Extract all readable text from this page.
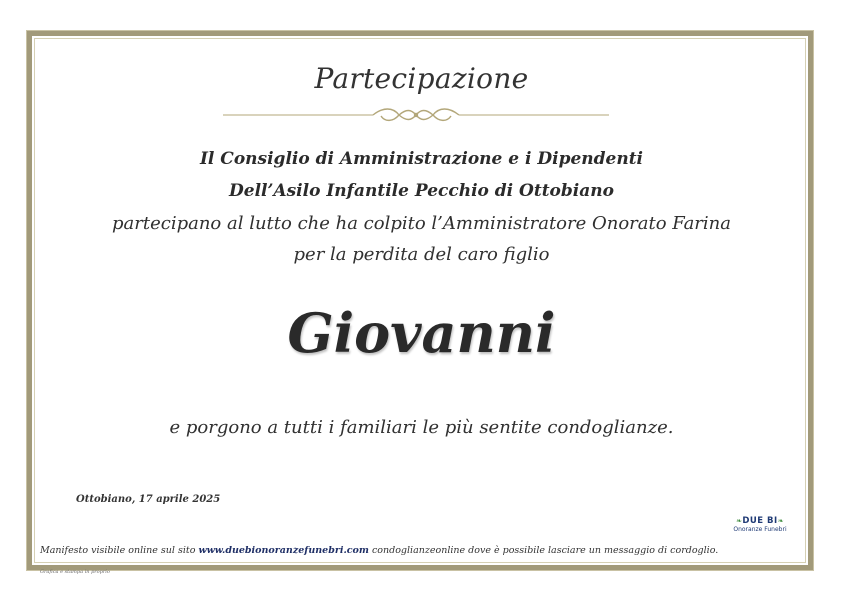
Partecipazione
Il Consiglio di Amministrazione e i Dipendenti
Dell’Asilo Infantile Pecchio di Ottobiano
partecipano al lutto che ha colpito l’Amministratore Onorato Farina
per la perdita del caro figlio
Giovanni
e porgono a tutti i familiari le più sentite condoglianze.
Ottobiano, 17 aprile 2025
Manifesto visibile online sul sito www.duebionoranzefunebri.com condoglianzeonline dove è possibile lasciare un messaggio di cordoglio.
Grafica e stampa in proprio
❧DUE BI❧
Onoranze Funebri
